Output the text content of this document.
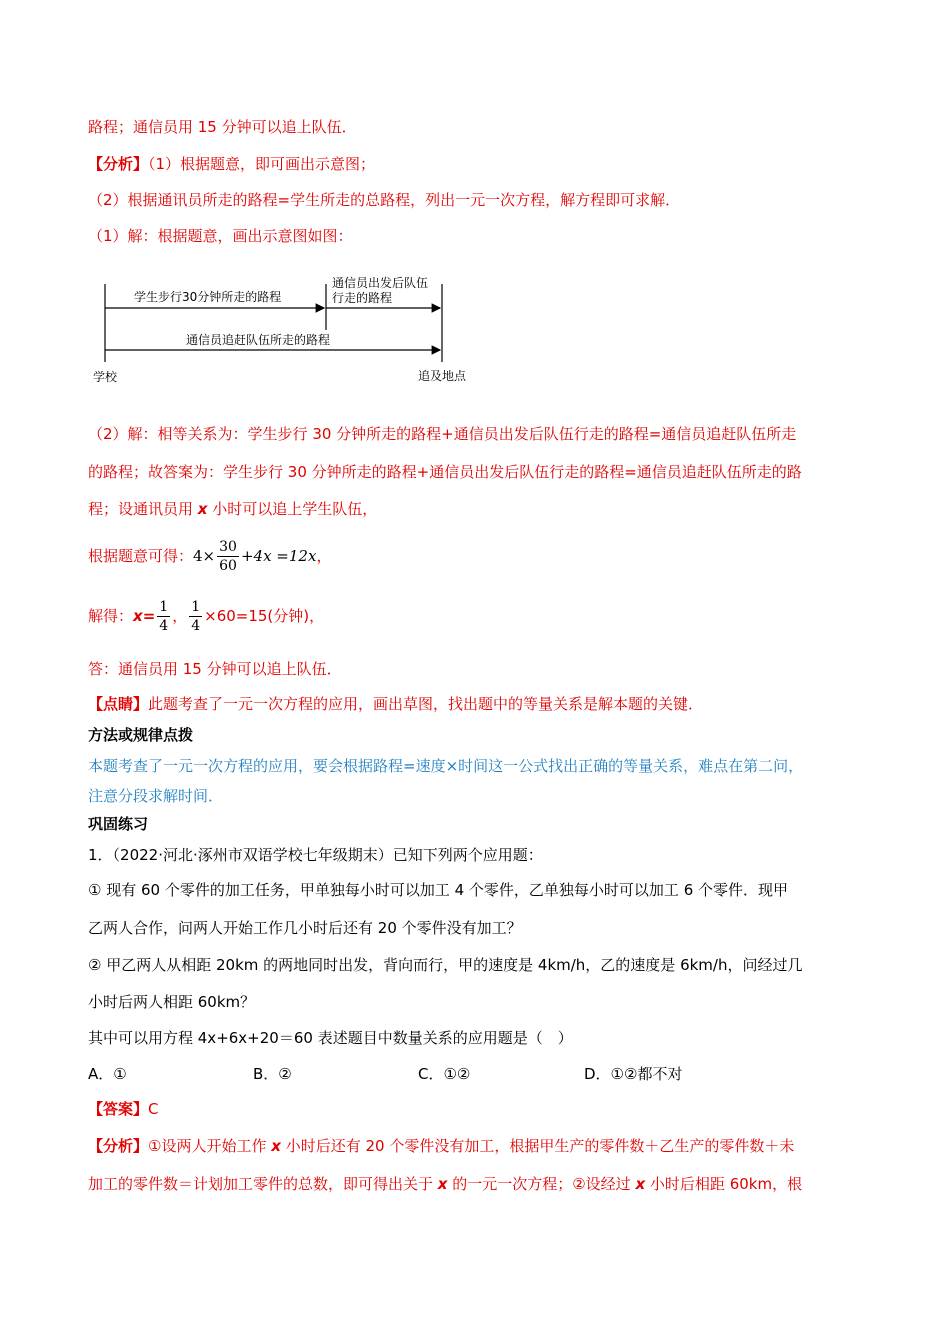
路程；通信员用 15 分钟可以追上队伍．
【分析】（1）根据题意，即可画出示意图；
（2）根据通讯员所走的路程=学生所走的总路程，列出一元一次方程，解方程即可求解．
（1）解：根据题意，画出示意图如图：
学生步行30分钟所走的路程
通信员出发后队伍
行走的路程
通信员追赶队伍所走的路程
学校	追及地点
（2）解：相等关系为：学生步行 30 分钟所走的路程+通信员出发后队伍行走的路程=通信员追赶队伍所走
的路程；故答案为：学生步行 30 分钟所走的路程+通信员出发后队伍行走的路程=通信员追赶队伍所走的路
程；设通讯员用 x 小时可以追上学生队伍，
根据题意可得：$4\times \frac{30}{60} +4x =12x$，
解得：$x= \frac{1}{4}$ ， $\frac{1}{4} \times 60=15$(分钟)，
答：通信员用 15 分钟可以追上队伍．
【点睛】此题考查了一元一次方程的应用，画出草图，找出题中的等量关系是解本题的关键．
方法或规律点拨
本题考查了一元一次方程的应用，要会根据路程=速度×时间这一公式找出正确的等量关系，难点在第二问，
注意分段求解时间．
巩固练习
1．（2022·河北·涿州市双语学校七年级期末）已知下列两个应用题：
① 现有 60 个零件的加工任务，甲单独每小时可以加工 4 个零件，乙单独每小时可以加工 6 个零件．现甲
乙两人合作，问两人开始工作几小时后还有 20 个零件没有加工？
② 甲乙两人从相距 20km 的两地同时出发，背向而行，甲的速度是 4km/h，乙的速度是 6km/h，问经过几
小时后两人相距 60km？
其中可以用方程 4x+6x+20＝60 表述题目中数量关系的应用题是（　）
A．①	B．②	C．①②	D．①②都不对
【答案】C
【分析】①设两人开始工作 x 小时后还有 20 个零件没有加工，根据甲生产的零件数＋乙生产的零件数＋未
加工的零件数＝计划加工零件的总数，即可得出关于 x 的一元一次方程；②设经过 x 小时后相距 60km，根
